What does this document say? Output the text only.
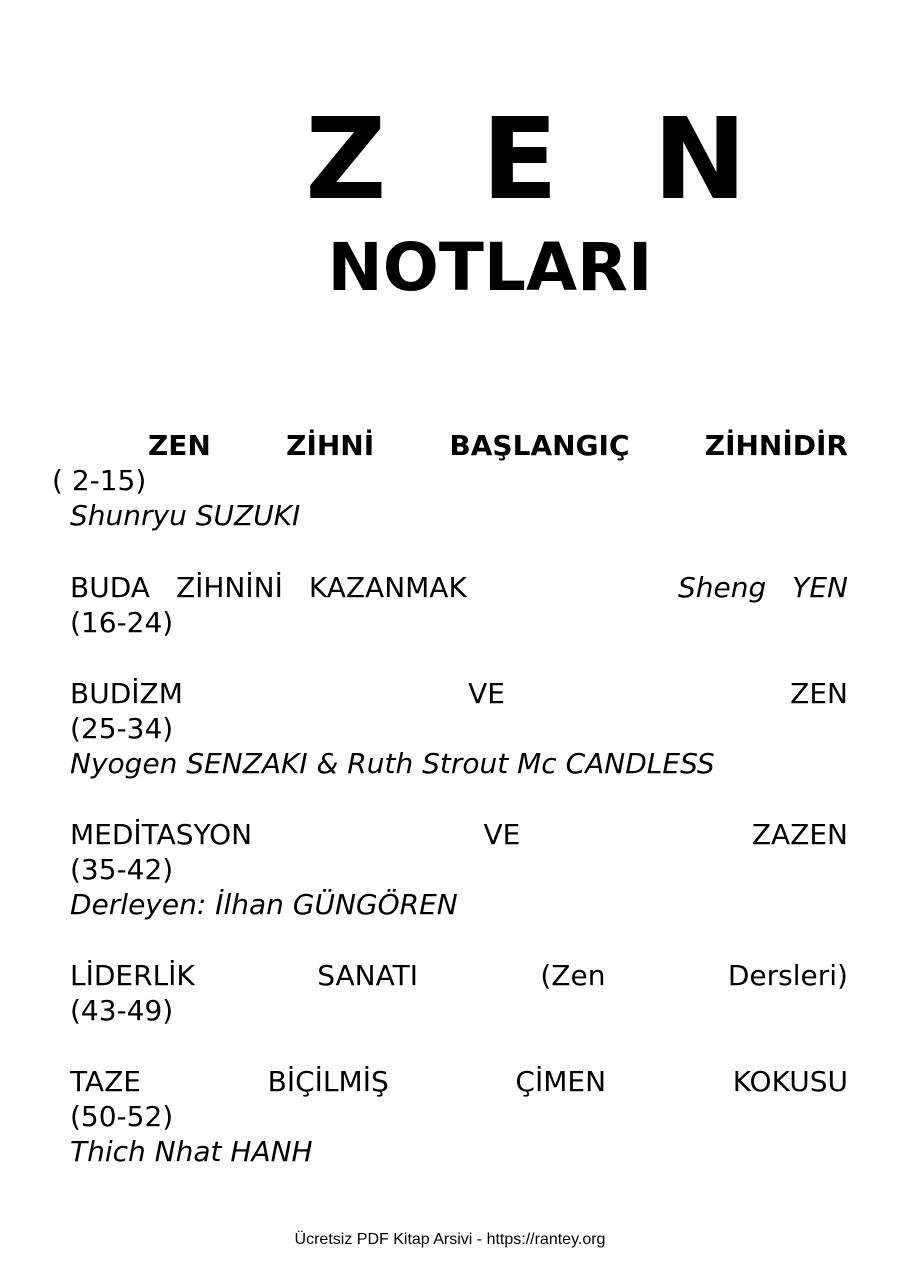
Z E N
NOTLARI
ZEN	ZİHNİ	BAŞLANGIÇ	ZİHNİDİR
( 2-15)
Shunryu SUZUKI
BUDA ZİHNİNİ KAZANMAK	Sheng YEN
(16-24)
BUDİZM	VE	ZEN
(25-34)
Nyogen SENZAKI & Ruth Strout Mc CANDLESS
MEDİTASYON	VE	ZAZEN
(35-42)
Derleyen: İlhan GÜNGÖREN
LİDERLİK	SANATI	(Zen	Dersleri)
(43-49)
TAZE	BİÇİLMİŞ	ÇİMEN	KOKUSU
(50-52)
Thich Nhat HANH
Ücretsiz PDF Kitap Arsivi - https://rantey.org
